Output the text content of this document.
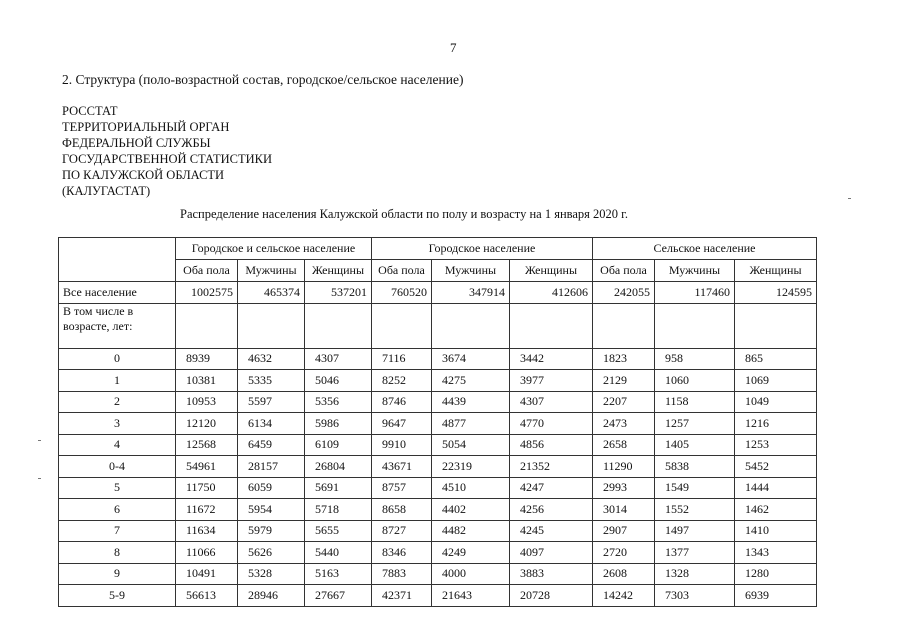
7
2. Структура (поло-возрастной состав, городское/сельское население)
РОССТАТ
ТЕРРИТОРИАЛЬНЫЙ ОРГАН
ФЕДЕРАЛЬНОЙ СЛУЖБЫ
ГОСУДАРСТВЕННОЙ СТАТИСТИКИ
ПО КАЛУЖСКОЙ ОБЛАСТИ
(КАЛУГАСТАТ)
Распределение населения Калужской области по полу и возрасту на 1 января 2020 г.
	Городское и сельское население			Городское население			Сельское население		
	Оба пола	Мужчины	Женщины	Оба пола	Мужчины	Женщины	Оба пола	Мужчины	Женщины
Все население	1002575	465374	537201	760520	347914	412606	242055	117460	124595
В том числе в возрасте, лет:									
0	8939	4632	4307	7116	3674	3442	1823	958	865
1	10381	5335	5046	8252	4275	3977	2129	1060	1069
2	10953	5597	5356	8746	4439	4307	2207	1158	1049
3	12120	6134	5986	9647	4877	4770	2473	1257	1216
4	12568	6459	6109	9910	5054	4856	2658	1405	1253
0-4	54961	28157	26804	43671	22319	21352	11290	5838	5452
5	11750	6059	5691	8757	4510	4247	2993	1549	1444
6	11672	5954	5718	8658	4402	4256	3014	1552	1462
7	11634	5979	5655	8727	4482	4245	2907	1497	1410
8	11066	5626	5440	8346	4249	4097	2720	1377	1343
9	10491	5328	5163	7883	4000	3883	2608	1328	1280
5-9	56613	28946	27667	42371	21643	20728	14242	7303	6939
